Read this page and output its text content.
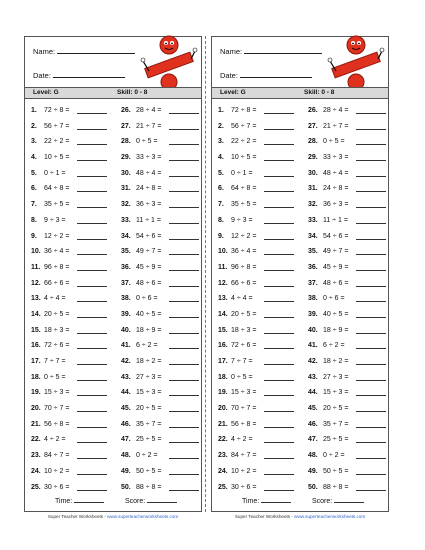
Name:
Date:
Level: G	Skill: 0 - 8
1. 72 ÷ 8 =	26. 28 ÷ 4 =
2. 56 ÷ 7 =	27. 21 ÷ 7 =
3. 22 ÷ 2 =	28. 0 ÷ 5 =
4. 10 ÷ 5 =	29. 33 ÷ 3 =
5. 0 ÷ 1 =	30. 48 ÷ 4 =
6. 64 ÷ 8 =	31. 24 ÷ 8 =
7. 35 ÷ 5 =	32. 36 ÷ 3 =
8. 9 ÷ 3 =	33. 11 ÷ 1 =
9. 12 ÷ 2 =	34. 54 ÷ 6 =
10. 36 ÷ 4 =	35. 49 ÷ 7 =
11. 96 ÷ 8 =	36. 45 ÷ 9 =
12. 66 ÷ 6 =	37. 48 ÷ 6 =
13. 4 ÷ 4 =	38. 0 ÷ 6 =
14. 20 ÷ 5 =	39. 40 ÷ 5 =
15. 18 ÷ 3 =	40. 18 ÷ 9 =
16. 72 ÷ 6 =	41. 6 ÷ 2 =
17. 7 ÷ 7 =	42. 18 ÷ 2 =
18. 0 ÷ 5 =	43. 27 ÷ 3 =
19. 15 ÷ 3 =	44. 15 ÷ 3 =
20. 70 ÷ 7 =	45. 20 ÷ 5 =
21. 56 ÷ 8 =	46. 35 ÷ 7 =
22. 4 ÷ 2 =	47. 25 ÷ 5 =
23. 84 ÷ 7 =	48. 0 ÷ 2 =
24. 10 ÷ 2 =	49. 50 ÷ 5 =
25. 30 ÷ 6 =	50. 88 ÷ 8 =
Time:	Score:
Super Teacher Worksheets - www.superteacherworksheets.com
Name:
Date:
Level: G	Skill: 0 - 8
1. 72 ÷ 8 =	26. 28 ÷ 4 =
2. 56 ÷ 7 =	27. 21 ÷ 7 =
3. 22 ÷ 2 =	28. 0 ÷ 5 =
4. 10 ÷ 5 =	29. 33 ÷ 3 =
5. 0 ÷ 1 =	30. 48 ÷ 4 =
6. 64 ÷ 8 =	31. 24 ÷ 8 =
7. 35 ÷ 5 =	32. 36 ÷ 3 =
8. 9 ÷ 3 =	33. 11 ÷ 1 =
9. 12 ÷ 2 =	34. 54 ÷ 6 =
10. 36 ÷ 4 =	35. 49 ÷ 7 =
11. 96 ÷ 8 =	36. 45 ÷ 9 =
12. 66 ÷ 6 =	37. 48 ÷ 6 =
13. 4 ÷ 4 =	38. 0 ÷ 6 =
14. 20 ÷ 5 =	39. 40 ÷ 5 =
15. 18 ÷ 3 =	40. 18 ÷ 9 =
16. 72 ÷ 6 =	41. 6 ÷ 2 =
17. 7 ÷ 7 =	42. 18 ÷ 2 =
18. 0 ÷ 5 =	43. 27 ÷ 3 =
19. 15 ÷ 3 =	44. 15 ÷ 3 =
20. 70 ÷ 7 =	45. 20 ÷ 5 =
21. 56 ÷ 8 =	46. 35 ÷ 7 =
22. 4 ÷ 2 =	47. 25 ÷ 5 =
23. 84 ÷ 7 =	48. 0 ÷ 2 =
24. 10 ÷ 2 =	49. 50 ÷ 5 =
25. 30 ÷ 6 =	50. 88 ÷ 8 =
Time:	Score:
Super Teacher Worksheets - www.superteacherworksheets.com
